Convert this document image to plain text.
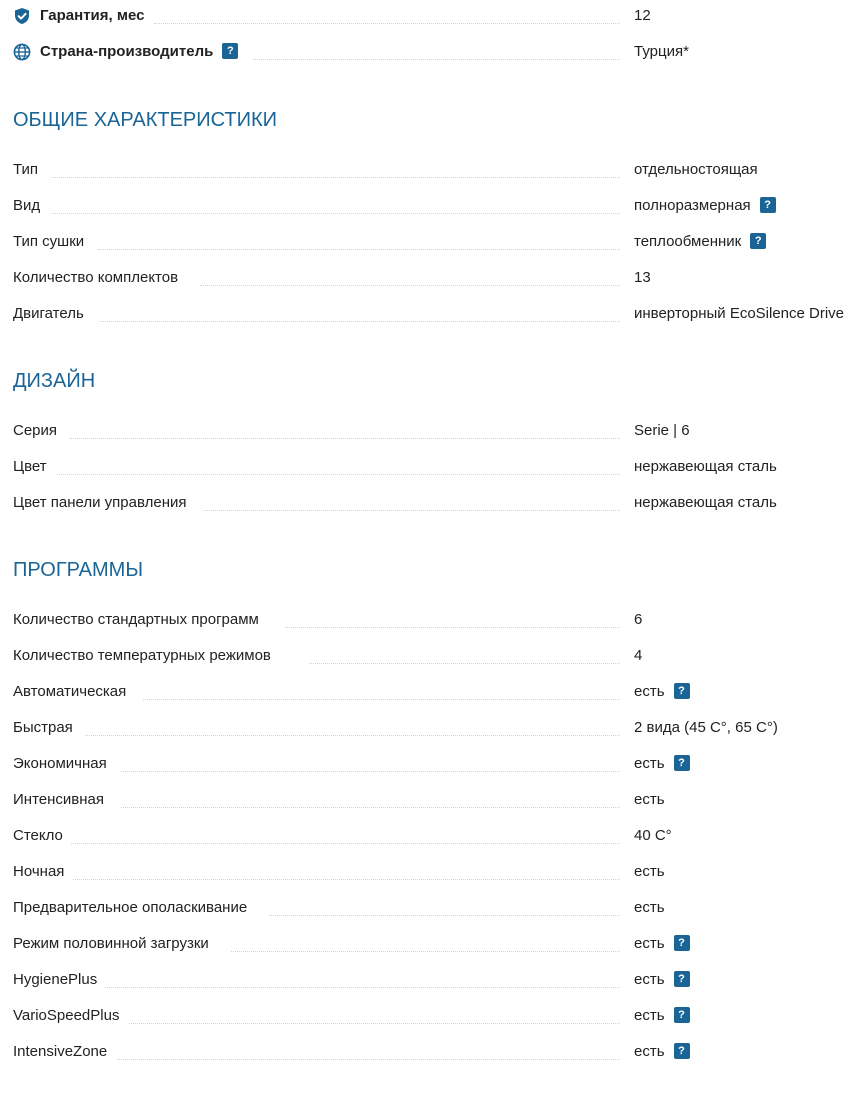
Гарантия, мес	12
Страна-производитель ?	Турция*
ОБЩИЕ ХАРАКТЕРИСТИКИ
Тип	отдельностоящая
Вид	полноразмерная ?
Тип сушки	теплообменник ?
Количество комплектов	13
Двигатель	инверторный EcoSilence Drive
ДИЗАЙН
Серия	Serie | 6
Цвет	нержавеющая сталь
Цвет панели управления	нержавеющая сталь
ПРОГРАММЫ
Количество стандартных программ	6
Количество температурных режимов	4
Автоматическая	есть ?
Быстрая	2 вида (45 C°, 65 C°)
Экономичная	есть ?
Интенсивная	есть
Стекло	40 C°
Ночная	есть
Предварительное ополаскивание	есть
Режим половинной загрузки	есть ?
HygienePlus	есть ?
VarioSpeedPlus	есть ?
IntensiveZone	есть ?
